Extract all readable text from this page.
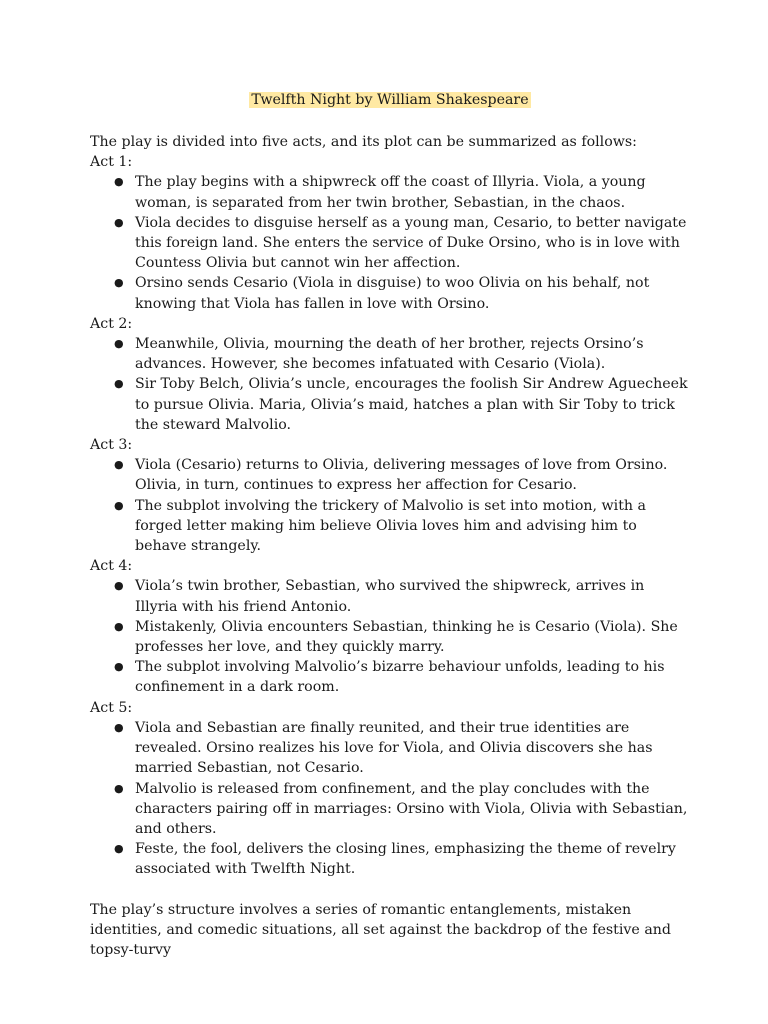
Twelfth Night by William Shakespeare

The play is divided into five acts, and its plot can be summarized as follows:

Act 1:

● The play begins with a shipwreck off the coast of Illyria. Viola, a young woman, is separated from her twin brother, Sebastian, in the chaos.
● Viola decides to disguise herself as a young man, Cesario, to better navigate this foreign land. She enters the service of Duke Orsino, who is in love with Countess Olivia but cannot win her affection.
● Orsino sends Cesario (Viola in disguise) to woo Olivia on his behalf, not knowing that Viola has fallen in love with Orsino.

Act 2:

● Meanwhile, Olivia, mourning the death of her brother, rejects Orsino’s advances. However, she becomes infatuated with Cesario (Viola).
● Sir Toby Belch, Olivia’s uncle, encourages the foolish Sir Andrew Aguecheek to pursue Olivia. Maria, Olivia’s maid, hatches a plan with Sir Toby to trick the steward Malvolio.

Act 3:

● Viola (Cesario) returns to Olivia, delivering messages of love from Orsino. Olivia, in turn, continues to express her affection for Cesario.
● The subplot involving the trickery of Malvolio is set into motion, with a forged letter making him believe Olivia loves him and advising him to behave strangely.

Act 4:

● Viola’s twin brother, Sebastian, who survived the shipwreck, arrives in Illyria with his friend Antonio.
● Mistakenly, Olivia encounters Sebastian, thinking he is Cesario (Viola). She professes her love, and they quickly marry.
● The subplot involving Malvolio’s bizarre behaviour unfolds, leading to his confinement in a dark room.

Act 5:

● Viola and Sebastian are finally reunited, and their true identities are revealed. Orsino realizes his love for Viola, and Olivia discovers she has married Sebastian, not Cesario.
● Malvolio is released from confinement, and the play concludes with the characters pairing off in marriages: Orsino with Viola, Olivia with Sebastian, and others.
● Feste, the fool, delivers the closing lines, emphasizing the theme of revelry associated with Twelfth Night.

The play’s structure involves a series of romantic entanglements, mistaken identities, and comedic situations, all set against the backdrop of the festive and topsy-turvy
